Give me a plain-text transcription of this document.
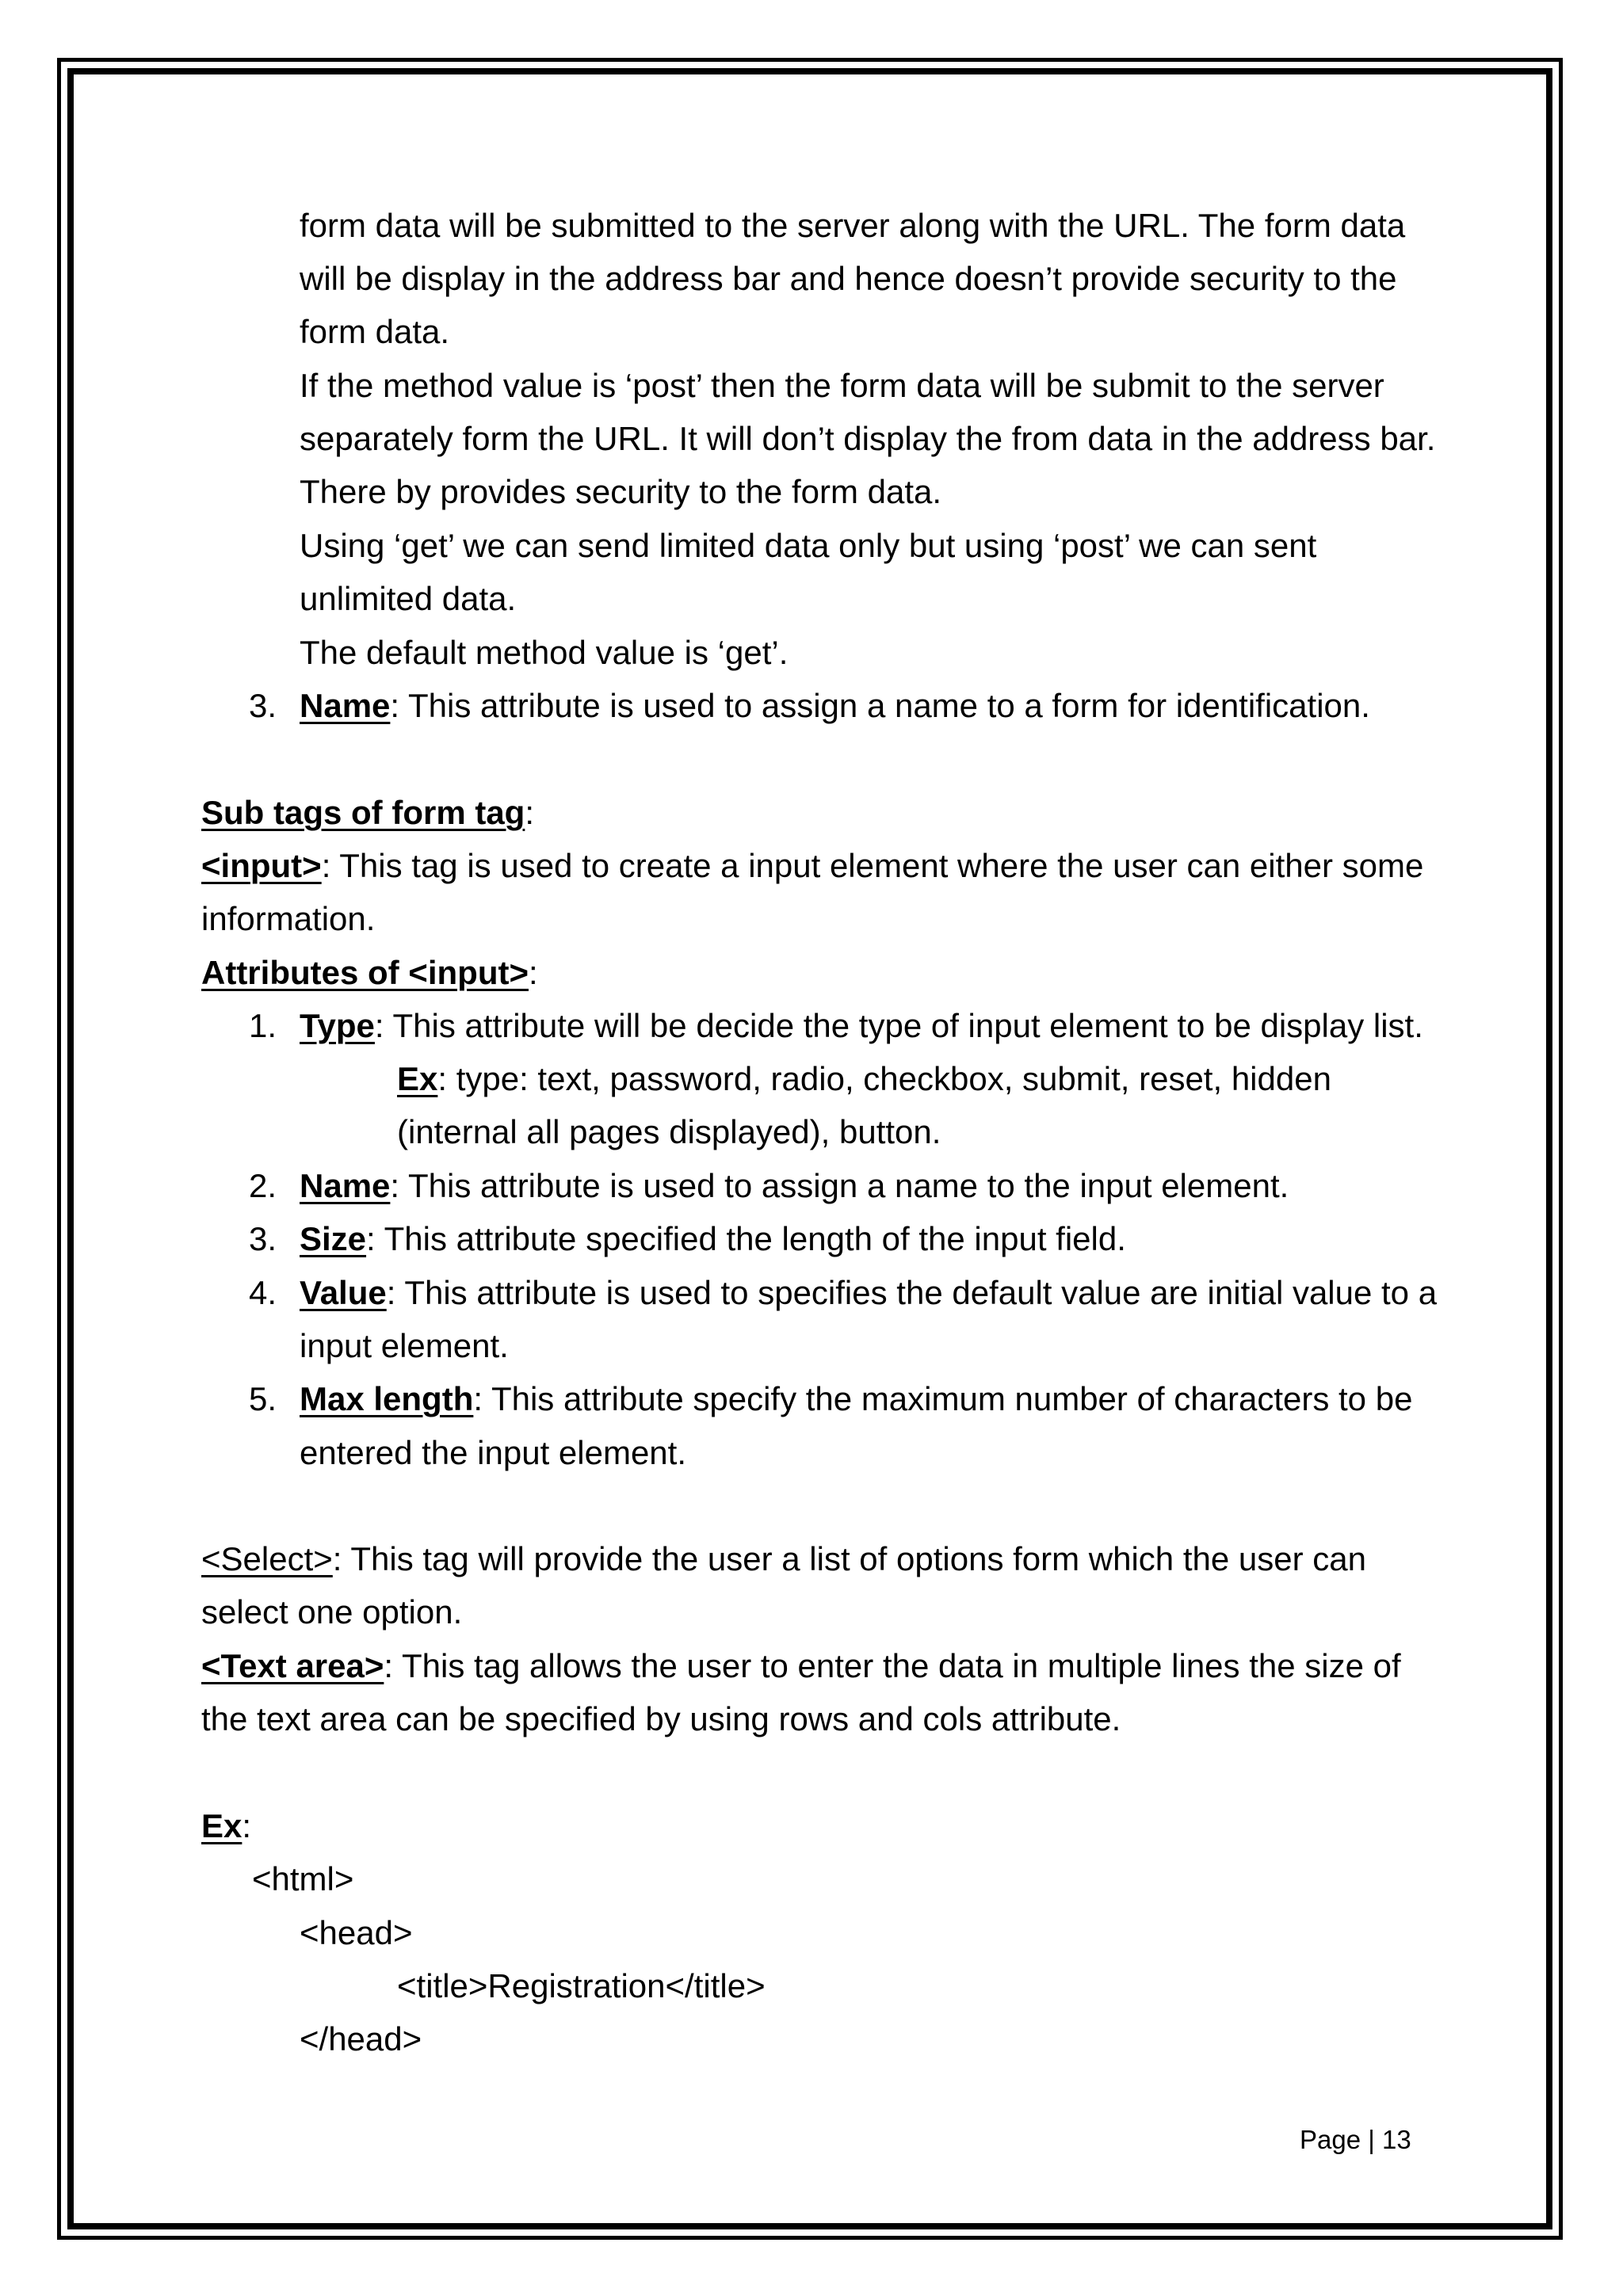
form data will be submitted to the server along with the URL. The form data
will be display in the address bar and hence doesn’t provide security to the
form data.
If the method value is ‘post’ then the form data will be submit to the server
separately form the URL. It will don’t display the from data in the address bar.
There by provides security to the form data.
Using ‘get’ we can send limited data only but using ‘post’ we can sent
unlimited data.
The default method value is ‘get’.
3. Name: This attribute is used to assign a name to a form for identification.
Sub tags of form tag:
<input>: This tag is used to create a input element where the user can either some
information.
Attributes of <input>:
1. Type: This attribute will be decide the type of input element to be display list.
Ex: type: text, password, radio, checkbox, submit, reset, hidden
(internal all pages displayed), button.
2. Name: This attribute is used to assign a name to the input element.
3. Size: This attribute specified the length of the input field.
4. Value: This attribute is used to specifies the default value are initial value to a
input element.
5. Max length: This attribute specify the maximum number of characters to be
entered the input element.
<Select>: This tag will provide the user a list of options form which the user can
select one option.
<Text area>: This tag allows the user to enter the data in multiple lines the size of
the text area can be specified by using rows and cols attribute.
Ex:
<html>
<head>
<title>Registration</title>
</head>
Page | 13
